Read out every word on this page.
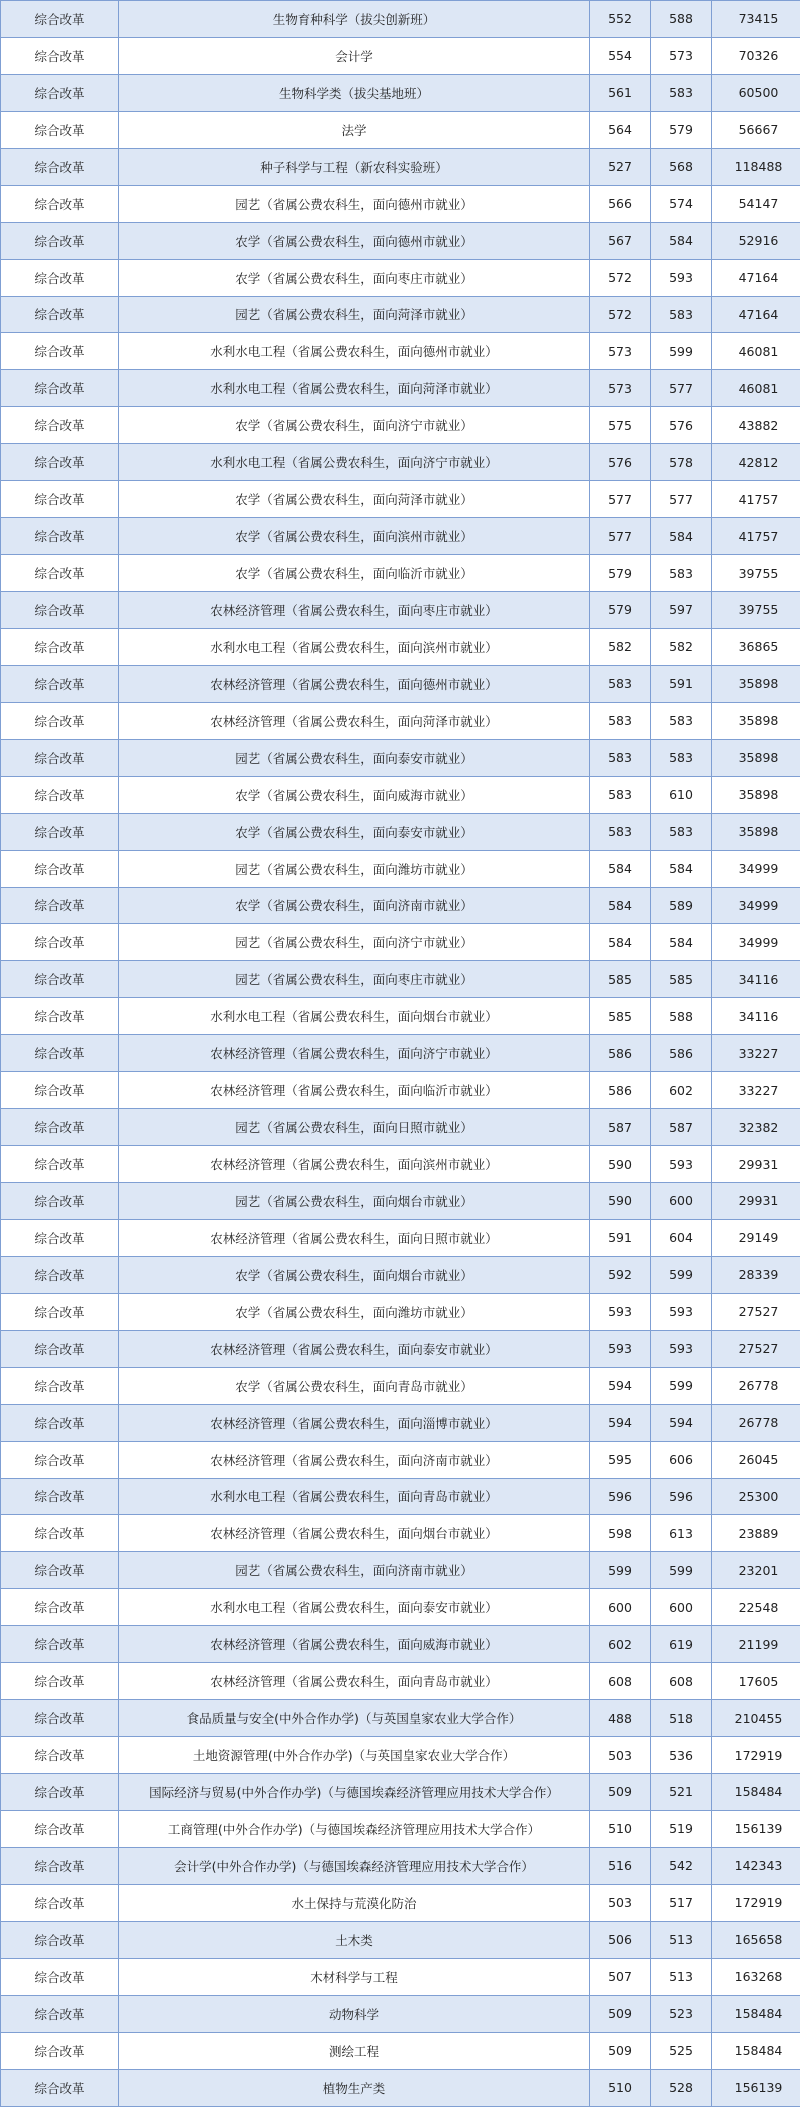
综合改革	生物育种科学（拔尖创新班）	552	588	73415
综合改革	会计学	554	573	70326
综合改革	生物科学类（拔尖基地班）	561	583	60500
综合改革	法学	564	579	56667
综合改革	种子科学与工程（新农科实验班）	527	568	118488
综合改革	园艺（省属公费农科生，面向德州市就业）	566	574	54147
综合改革	农学（省属公费农科生，面向德州市就业）	567	584	52916
综合改革	农学（省属公费农科生，面向枣庄市就业）	572	593	47164
综合改革	园艺（省属公费农科生，面向菏泽市就业）	572	583	47164
综合改革	水利水电工程（省属公费农科生，面向德州市就业）	573	599	46081
综合改革	水利水电工程（省属公费农科生，面向菏泽市就业）	573	577	46081
综合改革	农学（省属公费农科生，面向济宁市就业）	575	576	43882
综合改革	水利水电工程（省属公费农科生，面向济宁市就业）	576	578	42812
综合改革	农学（省属公费农科生，面向菏泽市就业）	577	577	41757
综合改革	农学（省属公费农科生，面向滨州市就业）	577	584	41757
综合改革	农学（省属公费农科生，面向临沂市就业）	579	583	39755
综合改革	农林经济管理（省属公费农科生，面向枣庄市就业）	579	597	39755
综合改革	水利水电工程（省属公费农科生，面向滨州市就业）	582	582	36865
综合改革	农林经济管理（省属公费农科生，面向德州市就业）	583	591	35898
综合改革	农林经济管理（省属公费农科生，面向菏泽市就业）	583	583	35898
综合改革	园艺（省属公费农科生，面向泰安市就业）	583	583	35898
综合改革	农学（省属公费农科生，面向威海市就业）	583	610	35898
综合改革	农学（省属公费农科生，面向泰安市就业）	583	583	35898
综合改革	园艺（省属公费农科生，面向潍坊市就业）	584	584	34999
综合改革	农学（省属公费农科生，面向济南市就业）	584	589	34999
综合改革	园艺（省属公费农科生，面向济宁市就业）	584	584	34999
综合改革	园艺（省属公费农科生，面向枣庄市就业）	585	585	34116
综合改革	水利水电工程（省属公费农科生，面向烟台市就业）	585	588	34116
综合改革	农林经济管理（省属公费农科生，面向济宁市就业）	586	586	33227
综合改革	农林经济管理（省属公费农科生，面向临沂市就业）	586	602	33227
综合改革	园艺（省属公费农科生，面向日照市就业）	587	587	32382
综合改革	农林经济管理（省属公费农科生，面向滨州市就业）	590	593	29931
综合改革	园艺（省属公费农科生，面向烟台市就业）	590	600	29931
综合改革	农林经济管理（省属公费农科生，面向日照市就业）	591	604	29149
综合改革	农学（省属公费农科生，面向烟台市就业）	592	599	28339
综合改革	农学（省属公费农科生，面向潍坊市就业）	593	593	27527
综合改革	农林经济管理（省属公费农科生，面向泰安市就业）	593	593	27527
综合改革	农学（省属公费农科生，面向青岛市就业）	594	599	26778
综合改革	农林经济管理（省属公费农科生，面向淄博市就业）	594	594	26778
综合改革	农林经济管理（省属公费农科生，面向济南市就业）	595	606	26045
综合改革	水利水电工程（省属公费农科生，面向青岛市就业）	596	596	25300
综合改革	农林经济管理（省属公费农科生，面向烟台市就业）	598	613	23889
综合改革	园艺（省属公费农科生，面向济南市就业）	599	599	23201
综合改革	水利水电工程（省属公费农科生，面向泰安市就业）	600	600	22548
综合改革	农林经济管理（省属公费农科生，面向威海市就业）	602	619	21199
综合改革	农林经济管理（省属公费农科生，面向青岛市就业）	608	608	17605
综合改革	食品质量与安全(中外合作办学)（与英国皇家农业大学合作）	488	518	210455
综合改革	土地资源管理(中外合作办学)（与英国皇家农业大学合作）	503	536	172919
综合改革	国际经济与贸易(中外合作办学)（与德国埃森经济管理应用技术大学合作）	509	521	158484
综合改革	工商管理(中外合作办学)（与德国埃森经济管理应用技术大学合作）	510	519	156139
综合改革	会计学(中外合作办学)（与德国埃森经济管理应用技术大学合作）	516	542	142343
综合改革	水土保持与荒漠化防治	503	517	172919
综合改革	土木类	506	513	165658
综合改革	木材科学与工程	507	513	163268
综合改革	动物科学	509	523	158484
综合改革	测绘工程	509	525	158484
综合改革	植物生产类	510	528	156139
